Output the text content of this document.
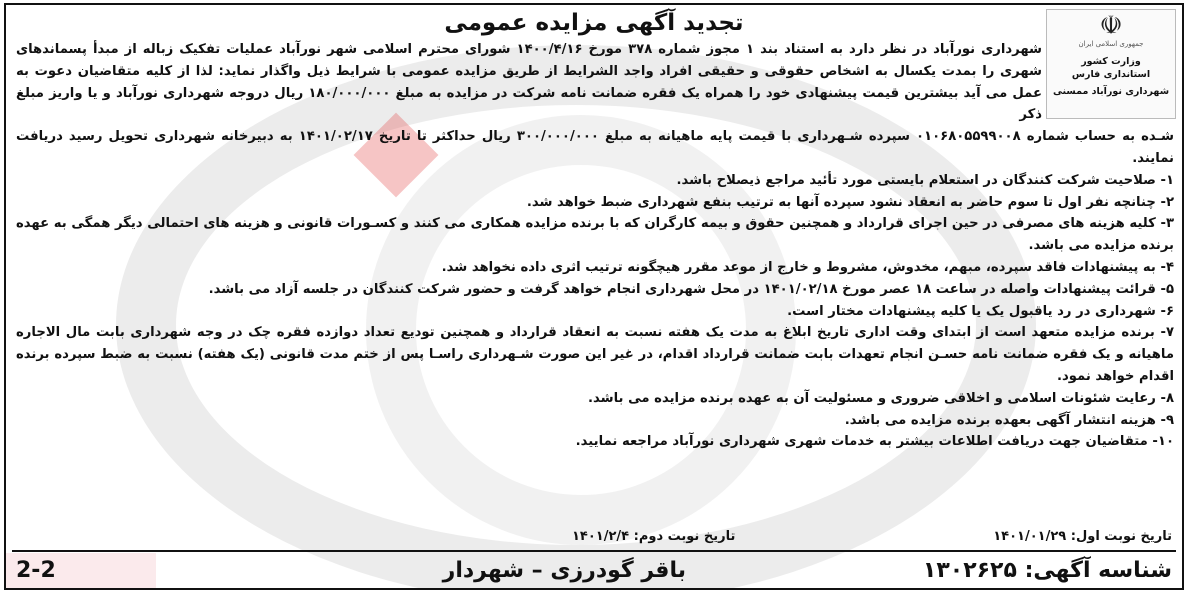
☫
جمهوری اسلامی ایران
وزارت کشور
استانداری فارس
شهرداری نورآباد ممسنی
تجدید آگهی مزایده عمومی

شهرداری نورآباد در نظر دارد به استناد بند ۱ مجوز شماره ۳۷۸ مورخ ۱۴۰۰/۴/۱۶ شورای محترم اسلامی شهر نورآباد عملیات تفکیک زباله از مبدأ پسماندهای شهری را بمدت یکسال به اشخاص حقوقی و حقیقی افراد واجد الشرایط از طریق مزایده عمومی با شرایط ذیل واگذار نماید: لذا از کلیه متقاضیان دعوت به عمل می آید بیشترین قیمت پیشنهادی خود را همراه یک فقره ضمانت نامه شرکت در مزایده به مبلغ ۱۸۰/۰۰۰/۰۰۰ ریال دروجه شهرداری نورآباد و یا واریز مبلغ ذکر

شـده به حساب شماره ۰۱۰۶۸۰۵۵۹۹۰۰۸ سپرده شـهرداری با قیمت پایه ماهیانه به مبلغ ۳۰۰/۰۰۰/۰۰۰ ریال حداکثر تا تاریخ ۱۴۰۱/۰۲/۱۷ به دبیرخانه شهرداری تحویل رسید دریافت نمایند.

۱- صلاحیت شرکت کنندگان در استعلام بایستی مورد تأئید مراجع ذیصلاح باشد.

۲- چنانچه نفر اول تا سوم حاضر به انعقاد نشود سپرده آنها به ترتیب بنفع شهرداری ضبط خواهد شد.

۳- کلیه هزینه های مصرفی در حین اجرای قرارداد و همچنین حقوق و بیمه کارگران که با برنده مزایده همکاری می کنند و کسـورات قانونی و هزینه های احتمالی دیگر همگی به عهده برنده مزایده می باشد.

۴- به پیشنهادات فاقد سپرده، مبهم، مخدوش، مشروط و خارج از موعد مقرر هیچگونه ترتیب اثری داده نخواهد شد.

۵- قرائت پیشنهادات واصله در ساعت ۱۸ عصر مورخ ۱۴۰۱/۰۲/۱۸ در محل شهرداری انجام خواهد گرفت و حضور شرکت کنندگان در جلسه آزاد می باشد.

۶- شهرداری در رد یاقبول یک یا کلیه پیشنهادات مختار است.

۷- برنده مزایده متعهد است از ابتدای وقت اداری تاریخ ابلاغ به مدت یک هفته نسبت به انعقاد قرارداد و همچنین تودیع تعداد دوازده فقره چک در وجه شهرداری بابت مال الاجاره ماهیانه و یک فقره ضمانت نامه حسـن انجام تعهدات بابت ضمانت قرارداد اقدام، در غیر این صورت شـهرداری راسـا پس از ختم مدت قانونی (یک هفته) نسبت به ضبط سپرده برنده اقدام خواهد نمود.

۸- رعایت شئونات اسلامی و اخلاقی ضروری و مسئولیت آن به عهده برنده مزایده می باشد.

۹- هزینه انتشار آگهی بعهده برنده مزایده می باشد.

۱۰- متقاضیان جهت دریافت اطلاعات بیشتر به خدمات شهری شهرداری نورآباد مراجعه نمایید.

تاریخ نوبت اول: ۱۴۰۱/۰۱/۲۹
تاریخ نوبت دوم: ۱۴۰۱/۲/۴
شناسه آگهی: ۱۳۰۲۶۲۵
باقر گودرزی – شهردار
2-2
